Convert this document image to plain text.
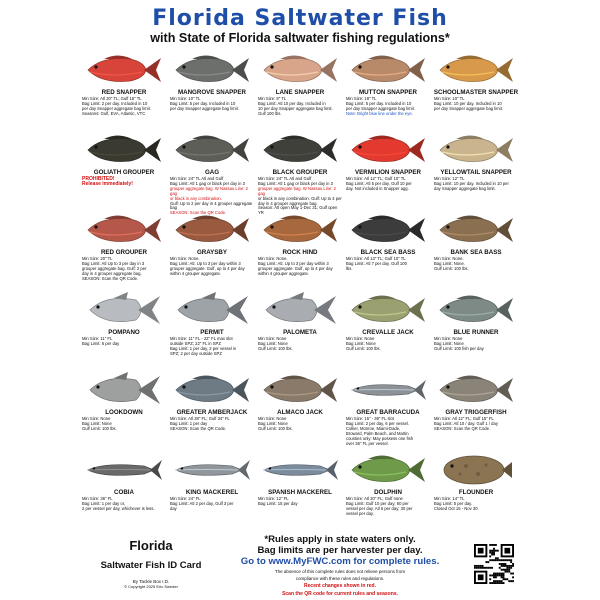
Florida Saltwater Fish
with State of Florida saltwater fishing regulations*
RED SNAPPER
Min Size: Atl 20" TL; Gulf 16" TL
Bag Limit: 2 per day. Included in 10
per day Snapper aggregate bag limit.
Seasons: Gulf, EVA, Atlantic, VTC
MANGROVE SNAPPER
Min Size: 10" TL
Bag Limit: 5 per day. Included in 10
per day Snapper aggregate bag limit.
LANE SNAPPER
Min Size: 8" TL
Bag Limit: Atl 10 per day. Included in
10 per day Snapper aggregate bag limit.
Gulf 100 lbs.
MUTTON SNAPPER
Min Size: 18" TL
Bag Limit: 5 per day. Included in 10
per day Snapper aggregate bag limit.
Note: Bright blue line under the eye.
SCHOOLMASTER SNAPPER
Min Size: 10" TL
Bag Limit: 10 per day. Included in 10
per day Snapper aggregate bag limit.
GOLIATH GROUPER
PROHIBITED!
Release immediately!
GAG
Min Size: 24" TL Atl and Gulf
Bag Limit: Atl 1 gag or black per day in 3
grouper aggregate bag. W Nassau Line: 2 gag
or black in any combination.
Gulf: Up to 2 per day in 4 grouper aggregate bag
SEASON: Scan the QR Code.
BLACK GROUPER
Min Size: 24" TL Atl and Gulf
Bag Limit: Atl 1 gag or black per day in 3
grouper aggregate bag. W Nassau Line: 2 gag
or black in any combination. Gulf: Up to 4 per
day in 4 grouper aggregate bag.
Season: Atl open May 1-Dec 31; Gulf open YR
VERMILION SNAPPER
Min Size: Atl 12" TL; Gulf 10" TL
Bag Limit: Atl 5 per day. Gulf 10 per
day. Not included in Snapper agg.
YELLOWTAIL SNAPPER
Min Size: 12" TL
Bag Limit: 10 per day. Included in 10 per
day Snapper aggregate bag limit.
RED GROUPER
Min Size: 20" TL
Bag Limit: Atl Up to 3 per day in 3
grouper aggregate bag. Gulf: 2 per
day in 4 grouper aggregate bag.
SEASON: Scan the QR Code.
GRAYSBY
Min Size: None.
Bag Limit: Atl. Up to 3 per day within 3
grouper aggregate. Gulf, up to 4 per day
within 4 grouper aggregate.
ROCK HIND
Min Size: None.
Bag Limit: Atl. Up to 3 per day within 3
grouper aggregate. Gulf, up to 4 per day
within 4 grouper aggregate.
BLACK SEA BASS
Min Size: Atl 13" TL; Gulf 10" TL
Bag Limit: Atl 7 per day. Gulf 100
lbs.
BANK SEA BASS
Min Size: None.
Bag Limit: None.
Gulf Limit: 100 lbs.
POMPANO
Min Size: 11" FL
Bag Limit: 6 per day
PERMIT
Min Size: 11" FL - 22" FL max slot
outside SPZ; 22" FL in SPZ
Bag Limit: 1 per day, 2 per vessel in
SPZ; 2 per day outside SPZ
PALOMETA
Min Size: None
Bag Limit: None
Gulf Limit: 100 lbs.
CREVALLE JACK
Min Size: None
Bag Limit: None
Gulf Limit: 100 lbs.
BLUE RUNNER
Min Size: None
Bag Limit: None
Gulf Limit: 100 fish per day
LOOKDOWN
Min Size: None
Bag Limit: None
Gulf Limit: 100 lbs.
GREATER AMBERJACK
Min Size: Atl 28" FL; Gulf 34" FL
Bag Limit: 1 per day
SEASON: Scan the QR Code.
ALMACO JACK
Min Size: None
Bag Limit: None
Gulf Limit: 100 lbs.
GREAT BARRACUDA
Min Size: 15" - 36" FL slot
Bag Limit: 2 per day, 6 per vessel.
Collier, Monroe, Miami-Dade,
Broward, Palm Beach, and Martin
counties only: May possess one fish
over 36" FL per vessel.
GRAY TRIGGERFISH
Min Size: Atl 12" FL; Gulf 15" FL
Bag Limit: Atl 10 / day. Gulf 1 / day
SEASON: Scan the QR Code.
COBIA
Min Size: 36" FL
Bag Limit: 1 per day or,
2 per vessel per day, whichever is less.
KING MACKEREL
Min Size: 24" FL
Bag Limit: Atl 2 per day, Gulf 3 per
day
SPANISH MACKEREL
Min Size: 12" FL
Bag Limit: 15 per day
DOLPHIN
Min Size: Atl 20" FL; Gulf none
Bag Limit: Gulf 10 per day; 60 per
vessel per day. Atl 5 per day; 30 per
vessel per day.
FLOUNDER
Min Size: 14" TL
Bag Limit: 5 per day.
Closed Oct 15 - Nov 30
Florida
Saltwater Fish ID Card
By Tackle Box I.D.
© Copyright 2025 Eric Sweder
*Rules apply in state waters only.
Bag limits are per harvester per day.
Go to www.MyFWC.com for complete rules.
The absence of this complete rules does not relieve persons from
compliance with these rules and regulations.
Recent changes shown in red.
Scan the QR code for current rules and seasons.
